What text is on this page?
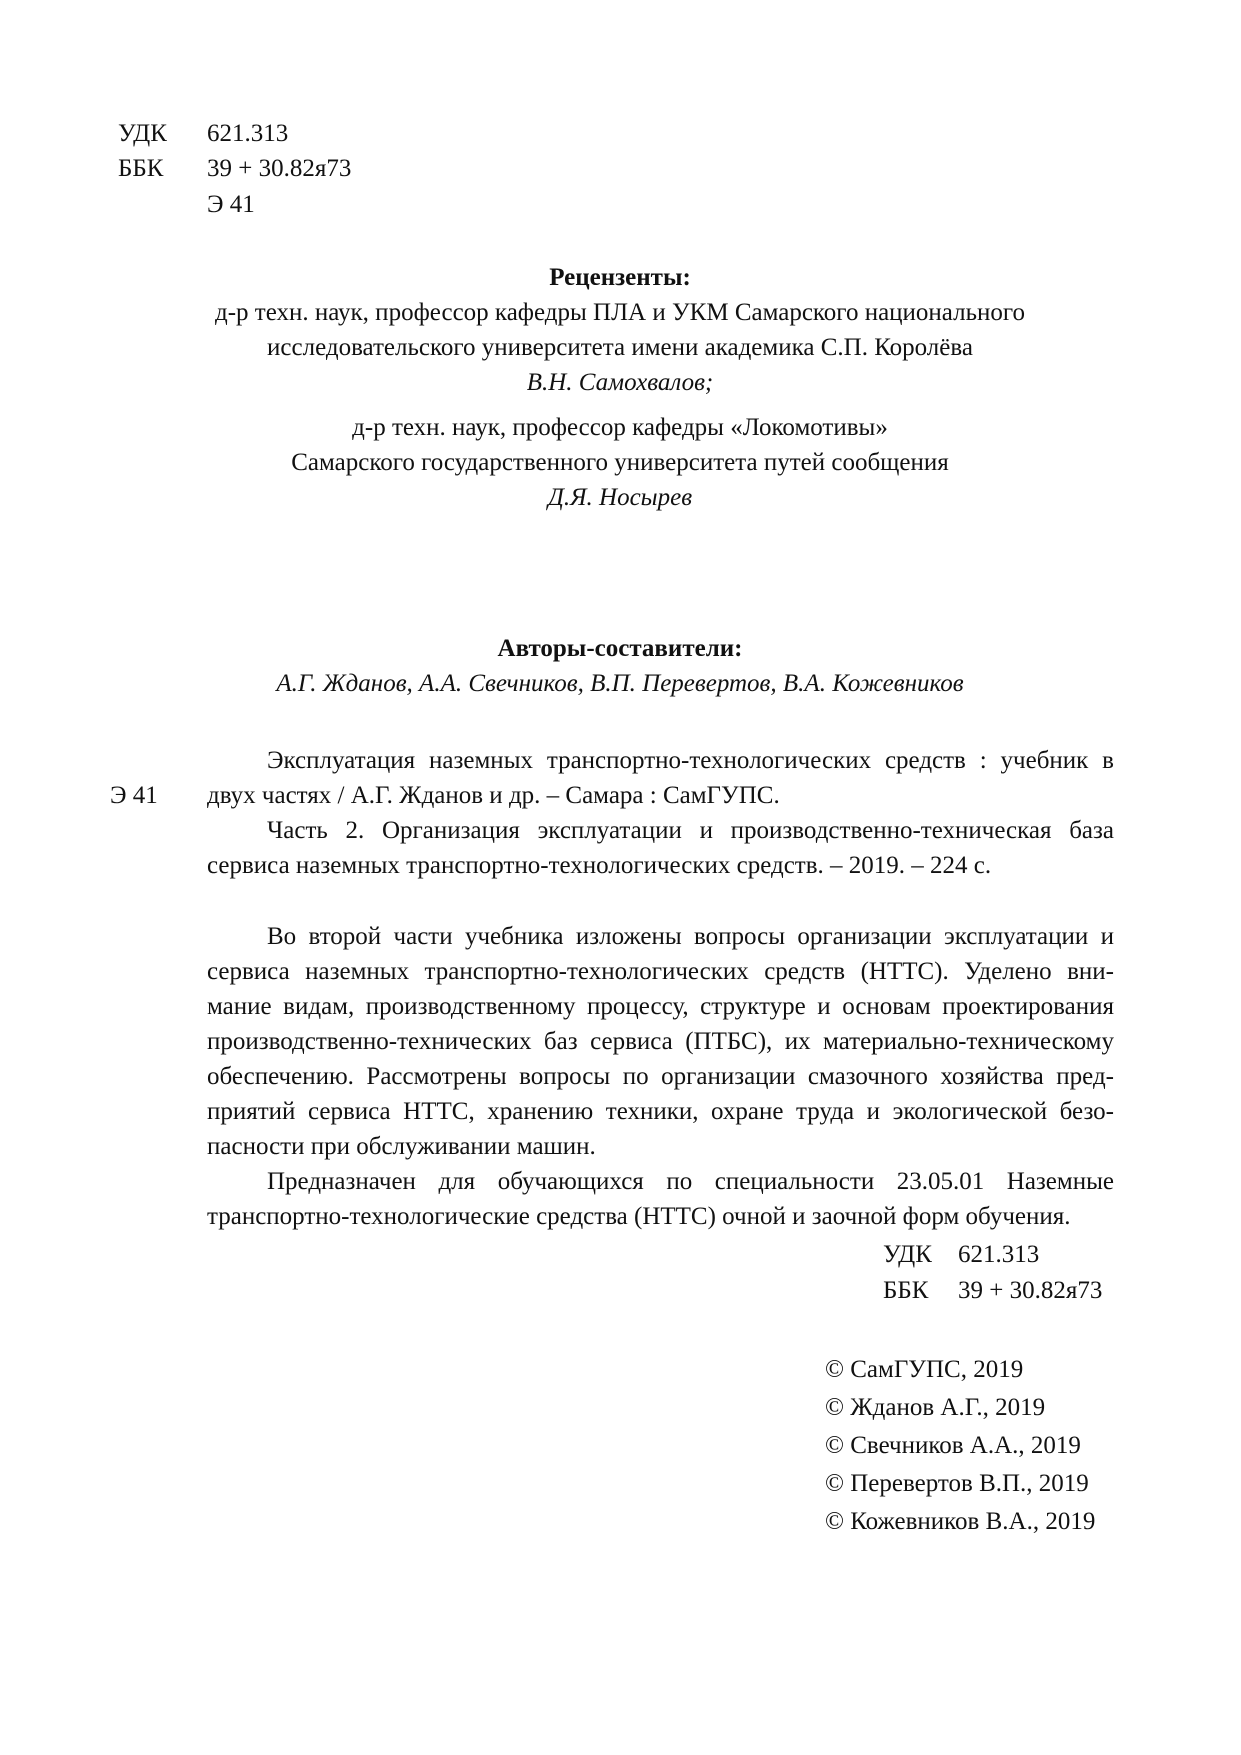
УДК 621.313
ББК 39 + 30.82я73
Э 41
Рецензенты:
д-р техн. наук, профессор кафедры ПЛА и УКМ Самарского национального
исследовательского университета имени академика С.П. Королёва
В.Н. Самохвалов;
д-р техн. наук, профессор кафедры «Локомотивы»
Самарского государственного университета путей сообщения
Д.Я. Носырев
Авторы-составители:
А.Г. Жданов, А.А. Свечников, В.П. Перевертов, В.А. Кожевников
Э 41

Эксплуатация наземных транспортно-технологических средств : учебник в двух частях / А.Г. Жданов и др. – Самара : СамГУПС.

Часть 2. Организация эксплуатации и производственно-техническая база сервиса наземных транспортно-технологических средств. – 2019. – 224 с.

Во второй части учебника изложены вопросы организации эксплуатации и сервиса наземных транспортно-технологических средств (НТТС). Уделено внимание видам, производственному процессу, структуре и основам проектирования производственно-технических баз сервиса (ПТБС), их материально-техническому обеспечению. Рассмотрены вопросы по организации смазочного хозяйства предприятий сервиса НТТС, хранению техники, охране труда и экологической безопасности при обслуживании машин.

Предназначен для обучающихся по специальности 23.05.01 Наземные транспортно-технологические средства (НТТС) очной и заочной форм обучения.

УДК 621.313
ББК 39 + 30.82я73
© СамГУПС, 2019
© Жданов А.Г., 2019
© Свечников А.А., 2019
© Перевертов В.П., 2019
© Кожевников В.А., 2019
